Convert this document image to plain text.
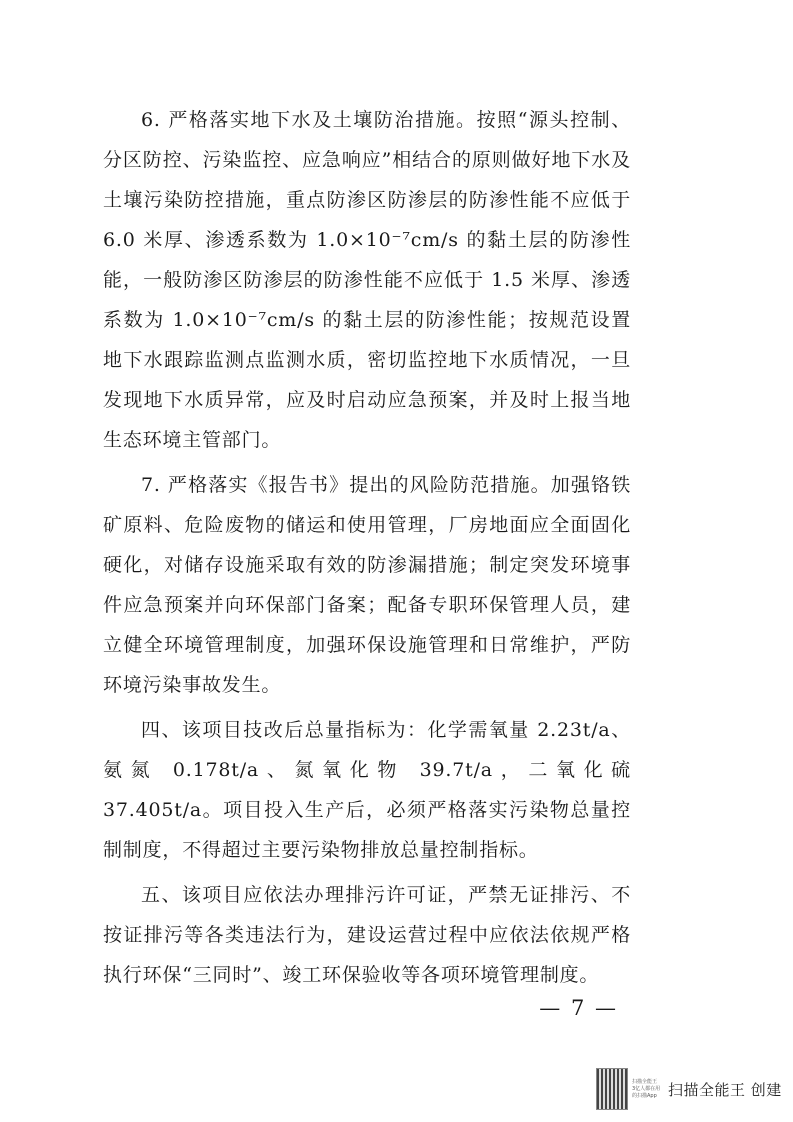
6. 严格落实地下水及土壤防治措施。按照“源头控制、分区防控、污染监控、应急响应”相结合的原则做好地下水及土壤污染防控措施，重点防渗区防渗层的防渗性能不应低于 6.0 米厚、渗透系数为 1.0×10⁻⁷cm/s 的黏土层的防渗性能，一般防渗区防渗层的防渗性能不应低于 1.5 米厚、渗透系数为 1.0×10⁻⁷cm/s 的黏土层的防渗性能；按规范设置地下水跟踪监测点监测水质，密切监控地下水质情况，一旦发现地下水质异常，应及时启动应急预案，并及时上报当地生态环境主管部门。

7. 严格落实《报告书》提出的风险防范措施。加强铬铁矿原料、危险废物的储运和使用管理，厂房地面应全面固化硬化，对储存设施采取有效的防渗漏措施；制定突发环境事件应急预案并向环保部门备案；配备专职环保管理人员，建立健全环境管理制度，加强环保设施管理和日常维护，严防环境污染事故发生。

四、该项目技改后总量指标为：化学需氧量 2.23t/a、氨氮 0.178t/a、氮氧化物 39.7t/a，二氧化硫 37.405t/a。项目投入生产后，必须严格落实污染物总量控制制度，不得超过主要污染物排放总量控制指标。

五、该项目应依法办理排污许可证，严禁无证排污、不按证排污等各类违法行为，建设运营过程中应依法依规严格执行环保“三同时”、竣工环保验收等各项环境管理制度。

— 7 —
扫描全能王
3亿人都在用的扫描App 扫描全能王 创建
